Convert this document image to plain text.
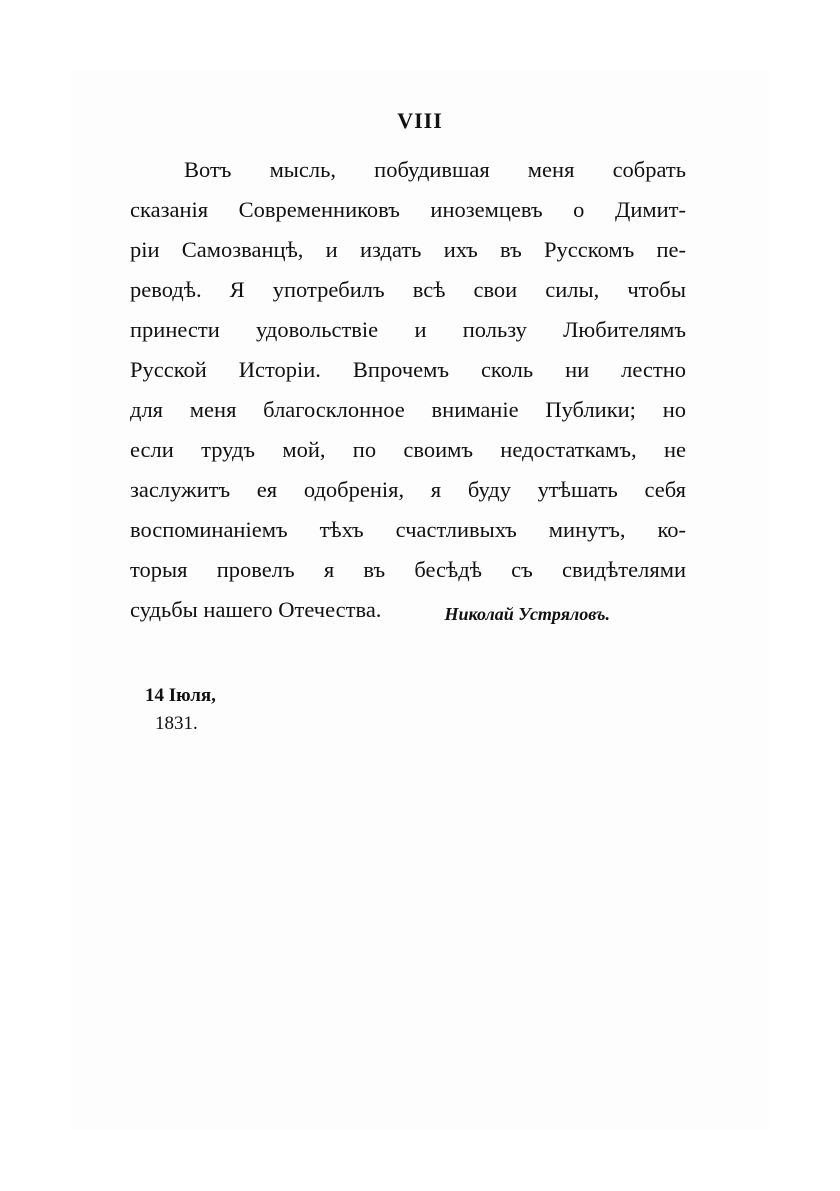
VIII
Вотъ мысль, побудившая меня собрать
сказанія Современниковъ иноземцевъ о Димит-
ріи Самозванцѣ, и издать ихъ въ Русскомъ пе-
реводѣ. Я употребилъ всѣ свои силы, чтобы
принести удовольствіе и пользу Любителямъ
Русской Исторіи. Впрочемъ сколь ни лестно
для меня благосклонное вниманіе Публики; но
если трудъ мой, по своимъ недостаткамъ, не
заслужитъ ея одобренія, я буду утѣшать себя
воспоминаніемъ тѣхъ счастливыхъ минутъ, ко-
торыя провелъ я въ бесѣдѣ съ свидѣтелями
судьбы нашего Отечества.	Николай Устряловъ.
14 Іюля,
1831.
